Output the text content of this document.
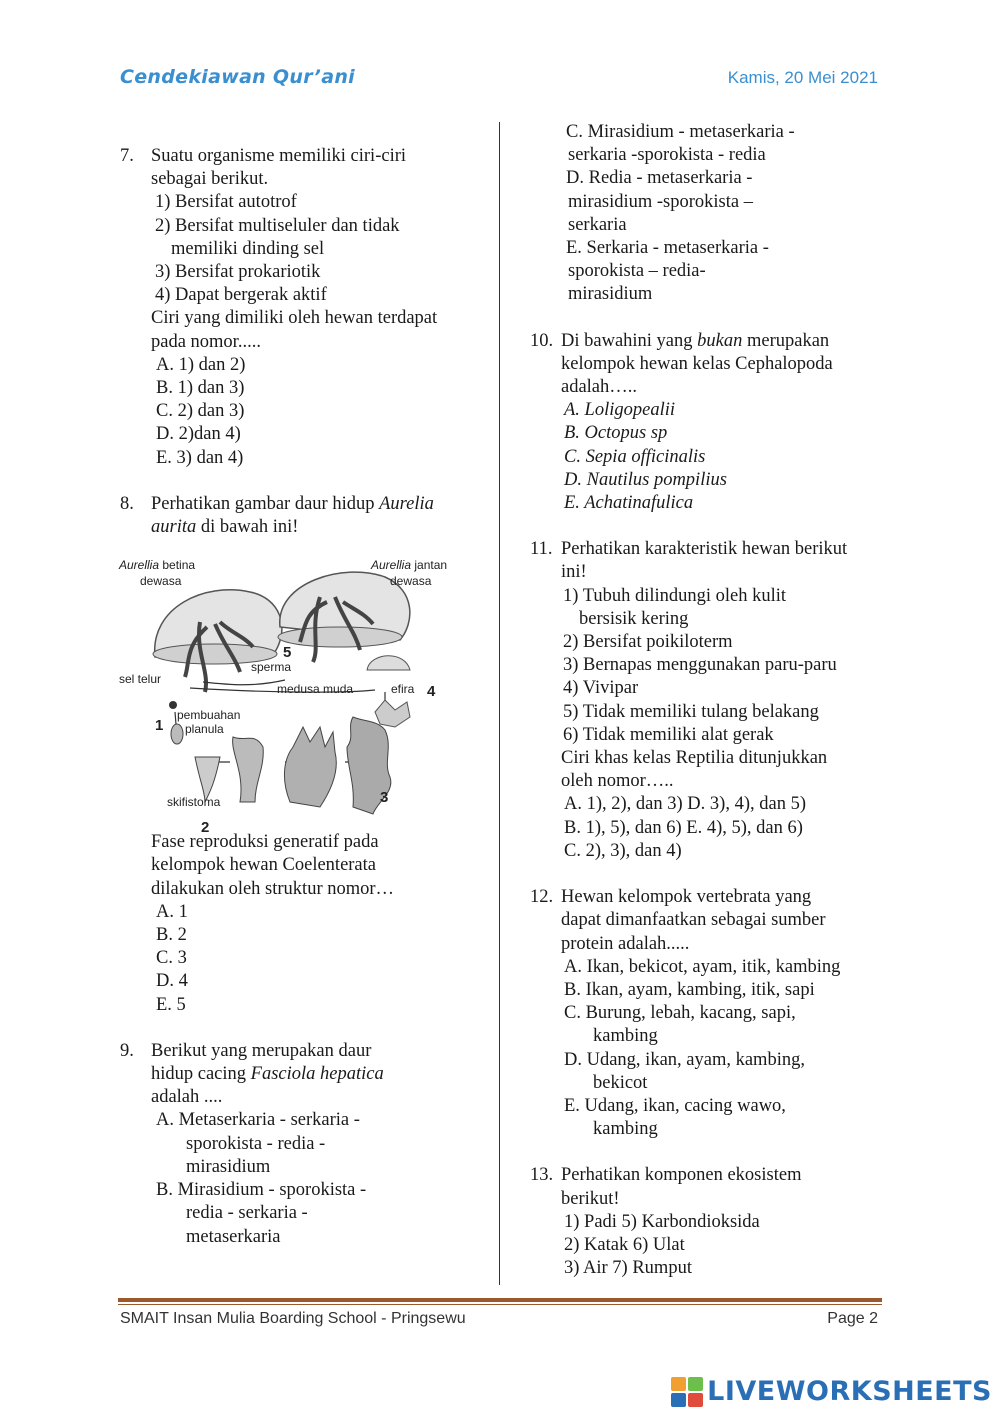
Cendekiawan Qur’ani	Kamis, 20 Mei 2021
7. Suatu organisme memiliki ciri-ciri
sebagai berikut.
1) Bersifat autotrof
2) Bersifat multiseluler dan tidak
memiliki dinding sel
3) Bersifat prokariotik
4) Dapat bergerak aktif
Ciri yang dimiliki oleh hewan terdapat
pada nomor.....
A. 1) dan 2)
B. 1) dan 3)
C. 2) dan 3)
D. 2)dan 4)
E. 3) dan 4)
8. Perhatikan gambar daur hidup Aurelia
aurita di bawah ini!
Fase reproduksi generatif pada
kelompok hewan Coelenterata
dilakukan oleh struktur nomor…
A. 1
B. 2
C. 3
D. 4
E. 5
9. Berikut yang merupakan daur
hidup cacing Fasciola hepatica
adalah ....
A. Metaserkaria - serkaria -
sporokista - redia -
mirasidium
B. Mirasidium - sporokista -
redia - serkaria -
metaserkaria
Aurellia betina
dewasa
Aurellia jantan
dewasa
sel telur
sperma
medusa muda	efira
pembuahan
planula
skifistoma
1
2
3
4
5
C. Mirasidium - metaserkaria -
serkaria -sporokista - redia
D. Redia - metaserkaria -
mirasidium -sporokista –
serkaria
E. Serkaria - metaserkaria -
sporokista – redia-
mirasidium
10. Di bawahini yang bukan merupakan
kelompok hewan kelas Cephalopoda
adalah…..
A. Loligopealii
B. Octopus sp
C. Sepia officinalis
D. Nautilus pompilius
E. Achatinafulica
11. Perhatikan karakteristik hewan berikut
ini!
1) Tubuh dilindungi oleh kulit
bersisik kering
2) Bersifat poikiloterm
3) Bernapas menggunakan paru-paru
4) Vivipar
5) Tidak memiliki tulang belakang
6) Tidak memiliki alat gerak
Ciri khas kelas Reptilia ditunjukkan
oleh nomor…..
A. 1), 2), dan 3) D. 3), 4), dan 5)
B. 1), 5), dan 6) E. 4), 5), dan 6)
C. 2), 3), dan 4)
12. Hewan kelompok vertebrata yang
dapat dimanfaatkan sebagai sumber
protein adalah.....
A. Ikan, bekicot, ayam, itik, kambing
B. Ikan, ayam, kambing, itik, sapi
C. Burung, lebah, kacang, sapi,
kambing
D. Udang, ikan, ayam, kambing,
bekicot
E. Udang, ikan, cacing wawo,
kambing
13. Perhatikan komponen ekosistem
berikut!
1) Padi 5) Karbondioksida
2) Katak 6) Ulat
3) Air 7) Rumput
SMAIT Insan Mulia Boarding School - Pringsewu	Page 2
LIVEWORKSHEETS
